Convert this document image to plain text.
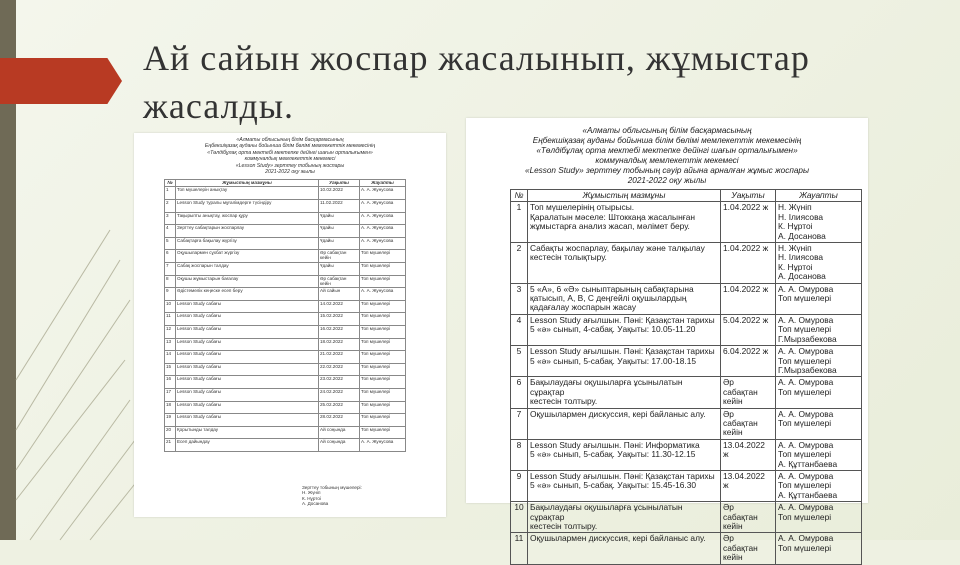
Ай сайын жоспар жасалынып, жұмыстар
жасалды.
«Алматы облысының білім басқармасының
Еңбекшіқазақ ауданы бойынша білім бөлімі мемлекеттік мекемесінің
«Төлдібұлақ орта мектебі мектепке дейінгі шағын орталығымен»
коммуналдық мемлекеттік мекемесі
«Lesson Study» зерттеу тобының жоспары
2021-2022 оқу жылы
№	Жұмыстың мазмұны	Уақыты	Жауапты
1	Топ мүшелерін анықтау	10.02.2022	А. А. Жунусова
2	Lesson Study туралы мұғалімдерге түсіндіру	11.02.2022	А. А. Жунусова
3	Тақырыпты анықтау, жоспар құру	Ұдайы	А. А. Жунусова
4	Зерттеу сабақтарын жоспарлау	Ұдайы	А. А. Жунусова
5	Сабақтарға бақылау жүргізу	Ұдайы	А. А. Жунусова
6	Оқушылармен сұхбат жүргізу	Әр сабақтан кейін	Топ мүшелері
7	Сабақ жоспарын талдау	Ұдайы	Топ мүшелері
8	Оқушы жұмыстарын бағалау	Әр сабақтан кейін	Топ мүшелері
9	Әдістемелік кеңеске есеп беру	Ай сайын	А. А. Жунусова
10	Lesson Study сабағы	14.02.2022	Топ мүшелері
11	Lesson Study сабағы	15.02.2022	Топ мүшелері
12	Lesson Study сабағы	16.02.2022	Топ мүшелері
13	Lesson Study сабағы	18.02.2022	Топ мүшелері
14	Lesson Study сабағы	21.02.2022	Топ мүшелері
15	Lesson Study сабағы	22.02.2022	Топ мүшелері
16	Lesson Study сабағы	23.02.2022	Топ мүшелері
17	Lesson Study сабағы	24.02.2022	Топ мүшелері
18	Lesson Study сабағы	25.02.2022	Топ мүшелері
19	Lesson Study сабағы	28.02.2022	Топ мүшелері
20	Қорытынды талдау	Ай соңында	Топ мүшелері
21	Есеп дайындау	Ай соңында	А. А. Жунусова
Зерттеу тобының мүшелері:
Н. Жүніп
К. Нұртоі
А. Досанова
«Алматы облысының білім басқармасының
Еңбекшіқазақ ауданы бойынша білім бөлімі мемлекеттік мекемесінің
«Төлдібұлақ орта мектебі мектепке дейінгі шағын орталығымен»
коммуналдық мемлекеттік мекемесі
«Lesson Study» зерттеу тобының сәуір айына арналған жұмыс жоспары
2021-2022 оқу жылы
№	Жұмыстың мазмұны	Уақыты	Жауапты
1	Топ мүшелерінің отырысы.
Қаралатын мәселе: Штоккаңа жасалынған
жұмыстарға анализ жасап, мәлімет беру.	1.04.2022 ж	Н. Жүніп
Н. Ілиясова
К. Нұртоі
А. Досанова
2	Сабақты жоспарлау, бақылау және талқылау
кестесін толықтыру.	1.04.2022 ж	Н. Жүніп
Н. Ілиясова
К. Нұртоі
А. Досанова
3	5 «А», 6 «Ә» сыныптарының сабақтарына
қатысып, А, В, С деңгейлі оқушылардың
қадағалау жоспарын жасау	1.04.2022 ж	А. А. Омурова
Топ мүшелері
4	Lesson Study ағылшын. Пәні: Қазақстан тарихы
5 «ә» сынып, 4-сабақ. Уақыты: 10.05-11.20	5.04.2022 ж	А. А. Омурова
Топ мүшелері
Г.Мырзабекова
5	Lesson Study ағылшын. Пәні: Қазақстан тарихы
5 «ә» сынып, 5-сабақ. Уақыты: 17.00-18.15	6.04.2022 ж	А. А. Омурова
Топ мүшелері
Г.Мырзабекова
6	Бақылаудағы оқушыларға ұсынылатын сұрақтар
кестесін толтыру.	Әр
сабақтан
кейін	А. А. Омурова
Топ мүшелері
7	Оқушылармен дискуссия, кері байланыс алу.	Әр
сабақтан
кейін	А. А. Омурова
Топ мүшелері
8	Lesson Study ағылшын. Пәні: Информатика
5 «ә» сынып, 5-сабақ. Уақыты: 11.30-12.15	13.04.2022
ж	А. А. Омурова
Топ мүшелері
А. Құттанбаева
9	Lesson Study ағылшын. Пәні: Қазақстан тарихы
5 «ә» сынып, 5-сабақ. Уақыты: 15.45-16.30	13.04.2022
ж	А. А. Омурова
Топ мүшелері
А. Құттанбаева
10	Бақылаудағы оқушыларға ұсынылатын сұрақтар
кестесін толтыру.	Әр
сабақтан
кейін	А. А. Омурова
Топ мүшелері
11	Оқушылармен дискуссия, кері байланыс алу.	Әр
сабақтан
кейін	А. А. Омурова
Топ мүшелері
